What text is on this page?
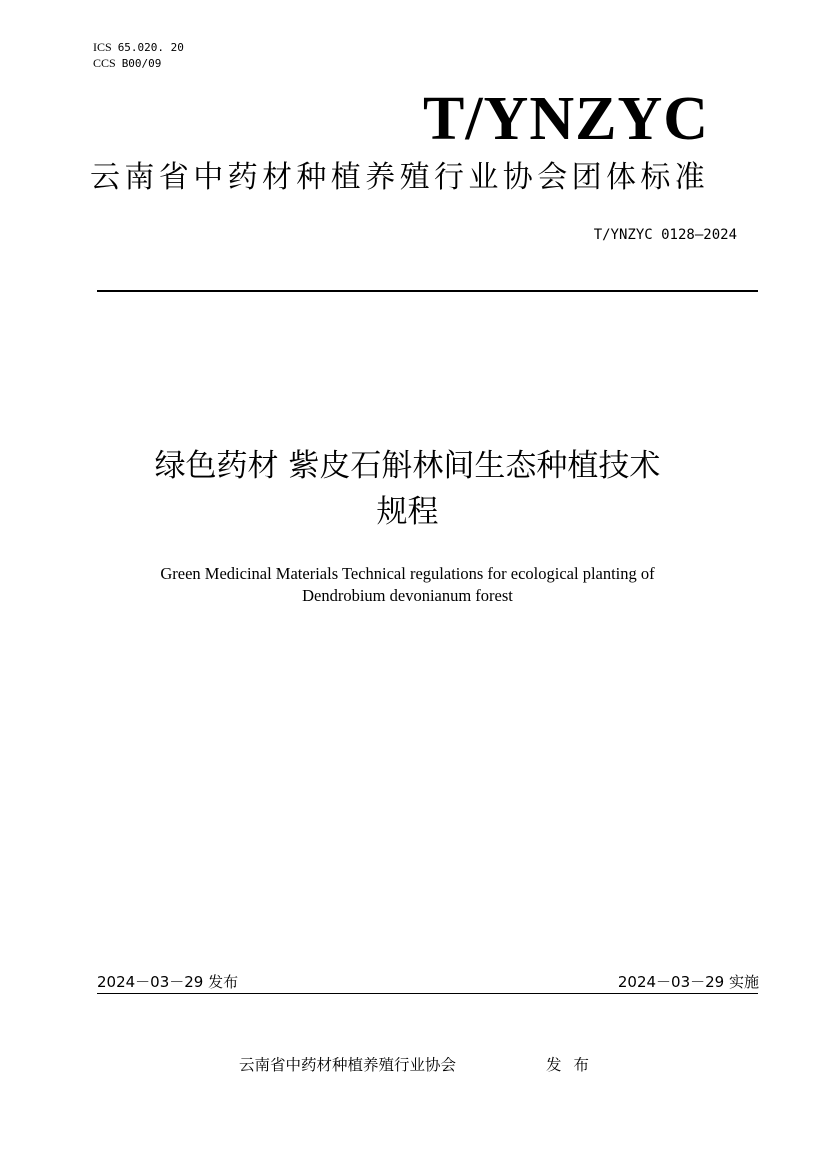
ICS 65.020. 20
CCS B00/09
T/YNZYC
云南省中药材种植养殖行业协会团体标准
T/YNZYC 0128—2024
绿色药材 紫皮石斛林间生态种植技术
规程
Green Medicinal Materials Technical regulations for ecological planting of
Dendrobium devonianum forest
2024－03－29 发布	2024－03－29 实施
云南省中药材种植养殖行业协会	发布
